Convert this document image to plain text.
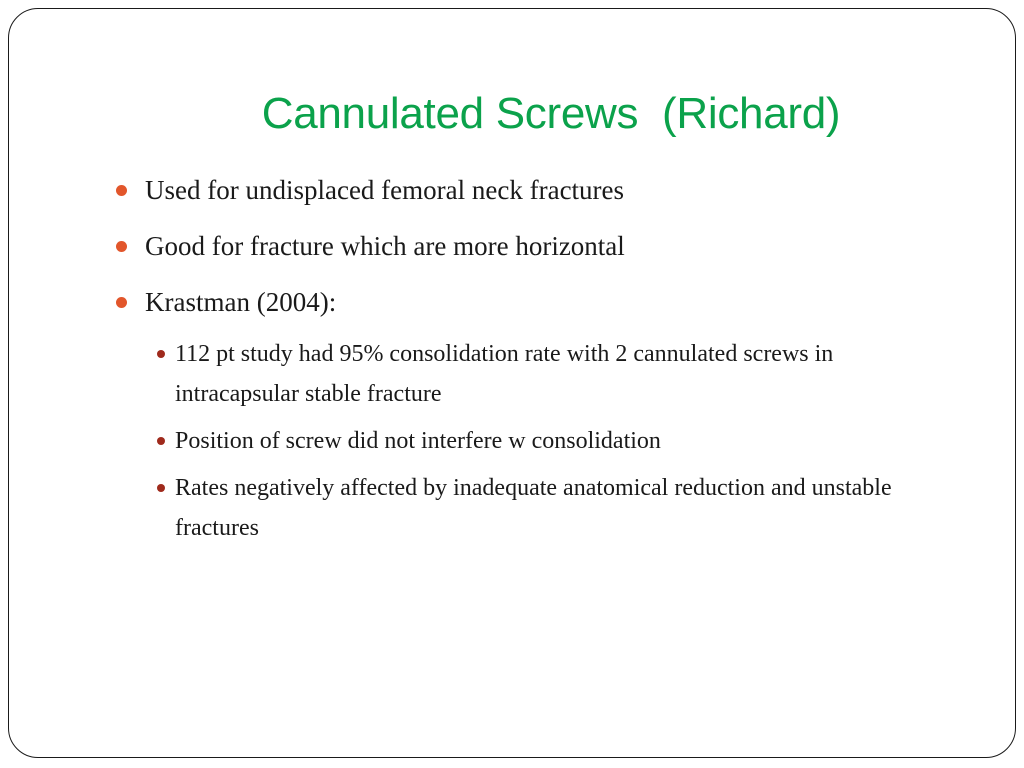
Cannulated Screws  (Richard)
Used for undisplaced femoral neck fractures
Good for fracture which are more horizontal
Krastman (2004):
112 pt study had 95% consolidation rate with 2 cannulated screws in intracapsular stable fracture
Position of screw did not interfere w consolidation
Rates negatively affected by inadequate anatomical reduction and unstable fractures
